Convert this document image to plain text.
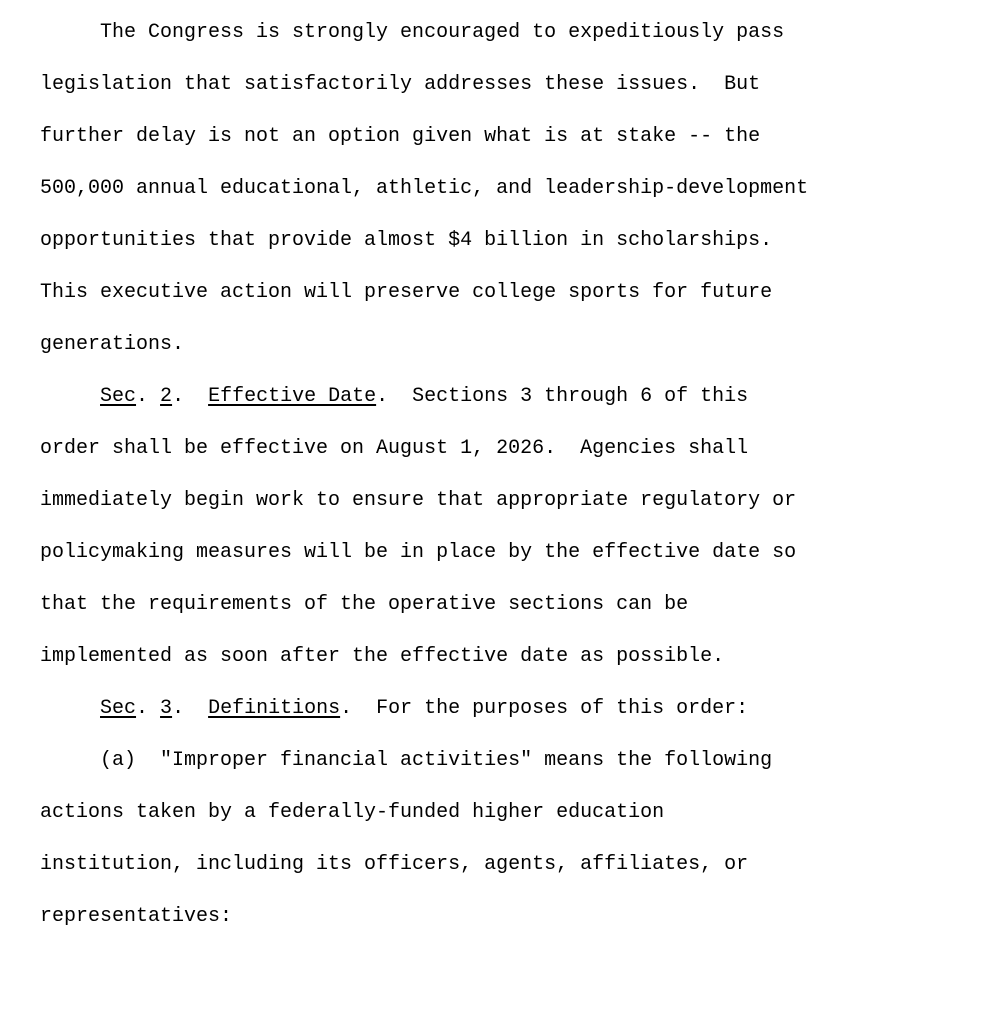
The Congress is strongly encouraged to expeditiously pass
legislation that satisfactorily addresses these issues.  But
further delay is not an option given what is at stake -- the
500,000 annual educational, athletic, and leadership-development
opportunities that provide almost $4 billion in scholarships.
This executive action will preserve college sports for future
generations.
Sec. 2.  Effective Date.  Sections 3 through 6 of this
order shall be effective on August 1, 2026.  Agencies shall
immediately begin work to ensure that appropriate regulatory or
policymaking measures will be in place by the effective date so
that the requirements of the operative sections can be
implemented as soon after the effective date as possible.
Sec. 3.  Definitions.  For the purposes of this order:
(a)  "Improper financial activities" means the following
actions taken by a federally-funded higher education
institution, including its officers, agents, affiliates, or
representatives:
